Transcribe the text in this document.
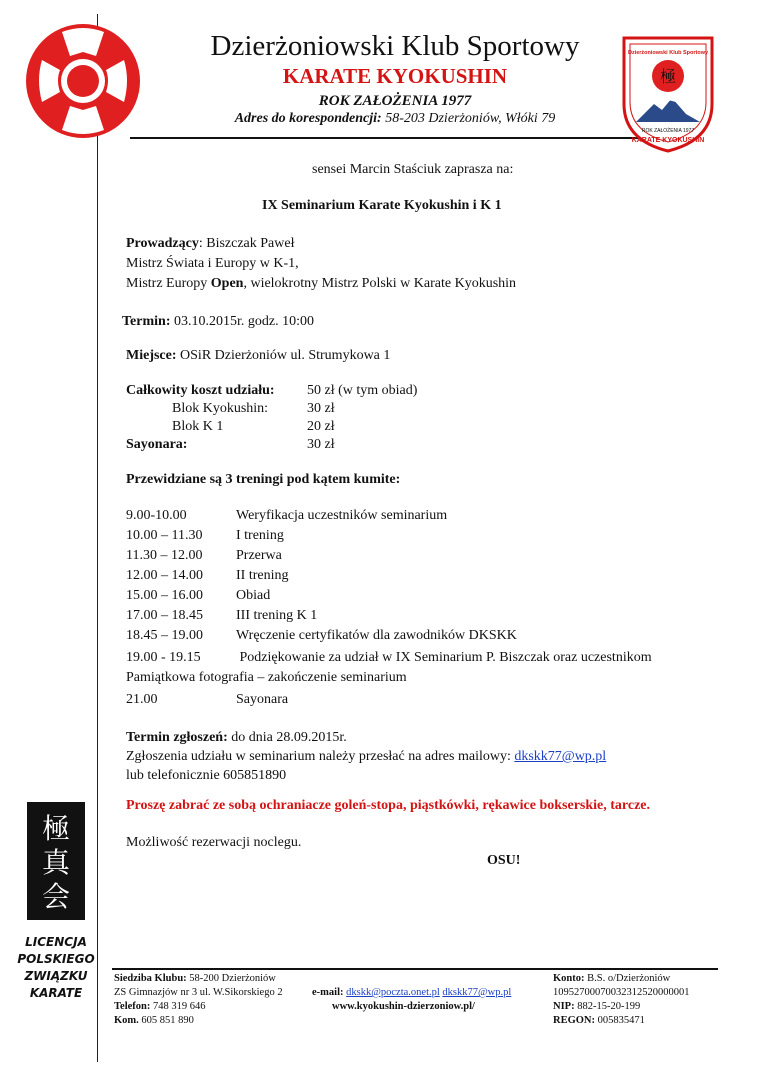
Dzierżoniowski Klub Sportowy
KARATE KYOKUSHIN
ROK ZAŁOŻENIA 1977
Adres do korespondencji: 58-203 Dzierżoniów, Włóki 79
極
ROK ZAŁOŻENIA 1977
KARATE KYOKUSHIN
Dzierżoniowski Klub Sportowy
sensei Marcin Staściuk zaprasza na:
IX Seminarium Karate Kyokushin i K 1
Prowadzący: Biszczak Paweł
Mistrz Świata i Europy w K-1,
Mistrz Europy Open, wielokrotny Mistrz Polski w Karate Kyokushin
Termin: 03.10.2015r. godz. 10:00
Miejsce: OSiR Dzierżoniów ul. Strumykowa 1
Całkowity koszt udziału: 50 zł (w tym obiad)
Blok Kyokushin:	30 zł
Blok K 1	20 zł
Sayonara:	30 zł
Przewidziane są 3 treningi pod kątem kumite:
9.00-10.00	Weryfikacja uczestników seminarium
10.00 – 11.30 I trening
11.30 – 12.00 Przerwa
12.00 – 14.00 II trening
15.00 – 16.00 Obiad
17.00 – 18.45 III trening K 1
18.45 – 19.00 Wręczenie certyfikatów dla zawodników DKSKK
19.00 - 19.15	Podziękowanie za udział w IX Seminarium P. Biszczak oraz uczestnikom
Pamiątkowa fotografia – zakończenie seminarium
21.00	Sayonara
Termin zgłoszeń: do dnia 28.09.2015r.
Zgłoszenia udziału w seminarium należy przesłać na adres mailowy: dkskk77@wp.pl
lub telefonicznie 605851890
Proszę zabrać ze sobą ochraniacze goleń-stopa, piąstkówki, rękawice bokserskie, tarcze.
Możliwość rezerwacji noclegu.
OSU!
極
真
会
LICENCJA
POLSKIEGO
ZWIĄZKU
KARATE
Siedziba Klubu: 58-200 Dzierżoniów
ZS Gimnazjów nr 3 ul. W.Sikorskiego 2
Telefon: 748 319 646
Kom. 605 851 890
e-mail: dkskk@poczta.onet.pl dkskk77@wp.pl
www.kyokushin-dzierzoniow.pl/
Konto: B.S. o/Dzierżoniów
10952700070032312520000001
NIP: 882-15-20-199
REGON: 005835471
